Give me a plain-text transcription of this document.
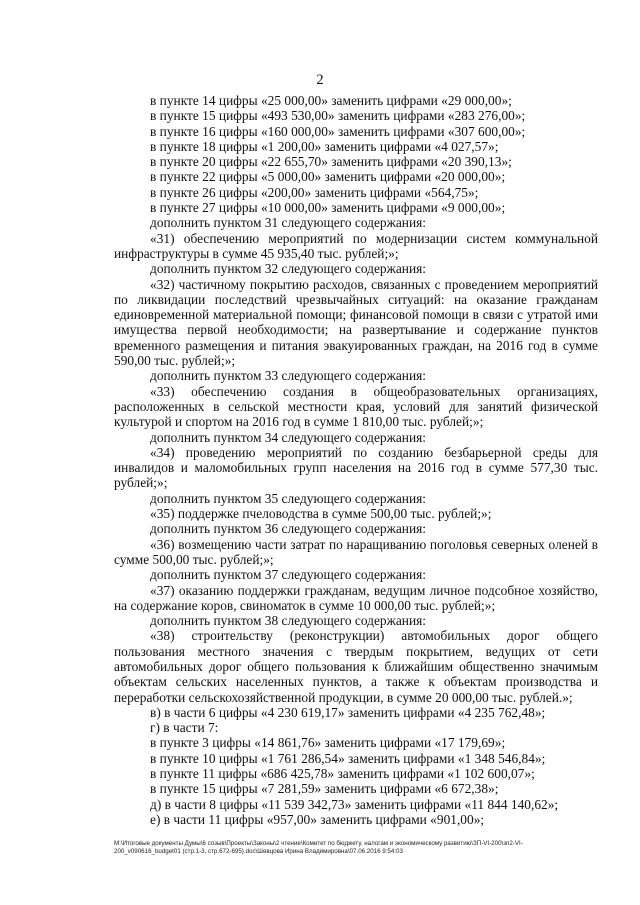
2

в пункте 14 цифры «25 000,00» заменить цифрами «29 000,00»;

в пункте 15 цифры «493 530,00» заменить цифрами «283 276,00»;

в пункте 16 цифры «160 000,00» заменить цифрами «307 600,00»;

в пункте 18 цифры «1 200,00» заменить цифрами «4 027,57»;

в пункте 20 цифры «22 655,70» заменить цифрами «20 390,13»;

в пункте 22 цифры «5 000,00» заменить цифрами «20 000,00»;

в пункте 26 цифры «200,00» заменить цифрами «564,75»;

в пункте 27 цифры «10 000,00» заменить цифрами «9 000,00»;

дополнить пунктом 31 следующего содержания:

«31) обеспечению мероприятий по модернизации систем коммунальной инфраструктуры в сумме 45 935,40 тыс. рублей;»;

дополнить пунктом 32 следующего содержания:

«32) частичному покрытию расходов, связанных с проведением мероприятий по ликвидации последствий чрезвычайных ситуаций: на оказание гражданам единовременной материальной помощи; финансовой помощи в связи с утратой ими имущества первой необходимости; на развертывание и содержание пунктов временного размещения и питания эвакуированных граждан, на 2016 год в сумме 590,00 тыс. рублей;»;

дополнить пунктом 33 следующего содержания:

«33) обеспечению создания в общеобразовательных организациях, расположенных в сельской местности края, условий для занятий физической культурой и спортом на 2016 год в сумме 1 810,00 тыс. рублей;»;

дополнить пунктом 34 следующего содержания:

«34) проведению мероприятий по созданию безбарьерной среды для инвалидов и маломобильных групп населения на 2016 год в сумме 577,30 тыс. рублей;»;

дополнить пунктом 35 следующего содержания:

«35) поддержке пчеловодства в сумме 500,00 тыс. рублей;»;

дополнить пунктом 36 следующего содержания:

«36) возмещению части затрат по наращиванию поголовья северных оленей в сумме 500,00 тыс. рублей;»;

дополнить пунктом 37 следующего содержания:

«37) оказанию поддержки гражданам, ведущим личное подсобное хозяйство, на содержание коров, свиноматок в сумме 10 000,00 тыс. рублей;»;

дополнить пунктом 38 следующего содержания:

«38) строительству (реконструкции) автомобильных дорог общего пользования местного значения с твердым покрытием, ведущих от сети автомобильных дорог общего пользования к ближайшим общественно значимым объектам сельских населенных пунктов, а также к объектам производства и переработки сельскохозяйственной продукции, в сумме 20 000,00 тыс. рублей.»;

в) в части 6 цифры «4 230 619,17» заменить цифрами «4 235 762,48»;

г) в части 7:

в пункте 3 цифры «14 861,76» заменить цифрами «17 179,69»;

в пункте 10 цифры «1 761 286,54» заменить цифрами «1 348 546,84»;

в пункте 11 цифры «686 425,78» заменить цифрами «1 102 600,07»;

в пункте 15 цифры «7 281,59» заменить цифрами «6 672,38»;

д) в части 8 цифры «11 539 342,73» заменить цифрами «11 844 140,62»;

е) в части 11 цифры «957,00» заменить цифрами «901,00»;

M:\Итоговые документы Думы\6 созыв\Проекты\Законы\2 чтение\Комитет по бюджету, налогам и экономическому развитию\ЗП-VI-200\зп2-VI-

200_v090616_budget01 (стр.1-3, стр.672-695).doc\Шевцова Ирина Владимировна\07.06.2016 9:54:03
